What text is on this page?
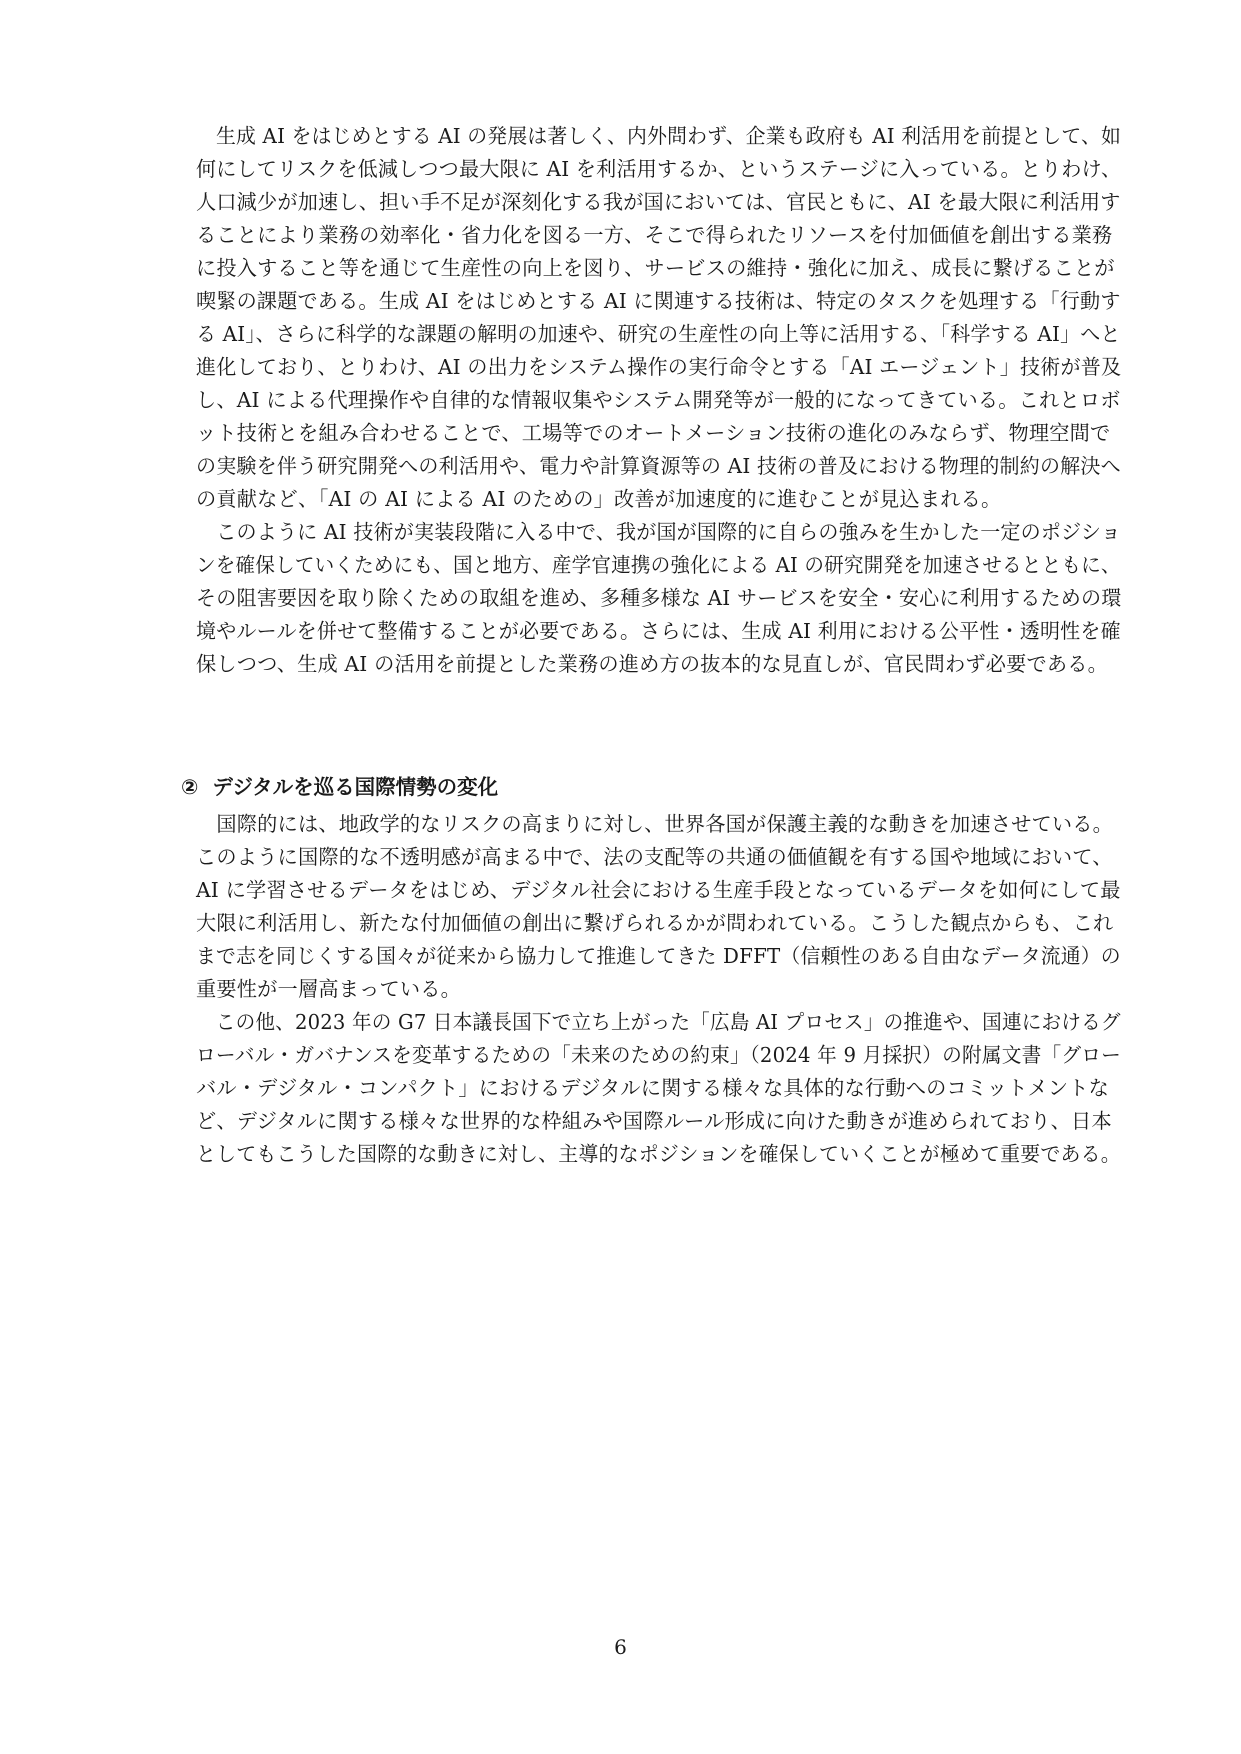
　生成 AI をはじめとする AI の発展は著しく、内外問わず、企業も政府も AI 利活用を前提として、如
何にしてリスクを低減しつつ最大限に AI を利活用するか、というステージに入っている。とりわけ、
人口減少が加速し、担い手不足が深刻化する我が国においては、官民ともに、AI を最大限に利活用す
ることにより業務の効率化・省力化を図る一方、そこで得られたリソースを付加価値を創出する業務
に投入すること等を通じて生産性の向上を図り、サービスの維持・強化に加え、成長に繋げることが
喫緊の課題である。生成 AI をはじめとする AI に関連する技術は、特定のタスクを処理する「行動す
る AI」、さらに科学的な課題の解明の加速や、研究の生産性の向上等に活用する、「科学する AI」へと
進化しており、とりわけ、AI の出力をシステム操作の実行命令とする「AI エージェント」技術が普及
し、AI による代理操作や自律的な情報収集やシステム開発等が一般的になってきている。これとロボ
ット技術とを組み合わせることで、工場等でのオートメーション技術の進化のみならず、物理空間で
の実験を伴う研究開発への利活用や、電力や計算資源等の AI 技術の普及における物理的制約の解決へ
の貢献など、「AI の AI による AI のための」改善が加速度的に進むことが見込まれる。

　このように AI 技術が実装段階に入る中で、我が国が国際的に自らの強みを生かした一定のポジショ
ンを確保していくためにも、国と地方、産学官連携の強化による AI の研究開発を加速させるとともに、
その阻害要因を取り除くための取組を進め、多種多様な AI サービスを安全・安心に利用するための環
境やルールを併せて整備することが必要である。さらには、生成 AI 利用における公平性・透明性を確
保しつつ、生成 AI の活用を前提とした業務の進め方の抜本的な見直しが、官民問わず必要である。

② デジタルを巡る国際情勢の変化

　国際的には、地政学的なリスクの高まりに対し、世界各国が保護主義的な動きを加速させている。
このように国際的な不透明感が高まる中で、法の支配等の共通の価値観を有する国や地域において、
AI に学習させるデータをはじめ、デジタル社会における生産手段となっているデータを如何にして最
大限に利活用し、新たな付加価値の創出に繋げられるかが問われている。こうした観点からも、これ
まで志を同じくする国々が従来から協力して推進してきた DFFT（信頼性のある自由なデータ流通）の
重要性が一層高まっている。

　この他、2023 年の G7 日本議長国下で立ち上がった「広島 AI プロセス」の推進や、国連におけるグ
ローバル・ガバナンスを変革するための「未来のための約束」（2024 年 9 月採択）の附属文書「グロー
バル・デジタル・コンパクト」におけるデジタルに関する様々な具体的な行動へのコミットメントな
ど、デジタルに関する様々な世界的な枠組みや国際ルール形成に向けた動きが進められており、日本
としてもこうした国際的な動きに対し、主導的なポジションを確保していくことが極めて重要である。

6
